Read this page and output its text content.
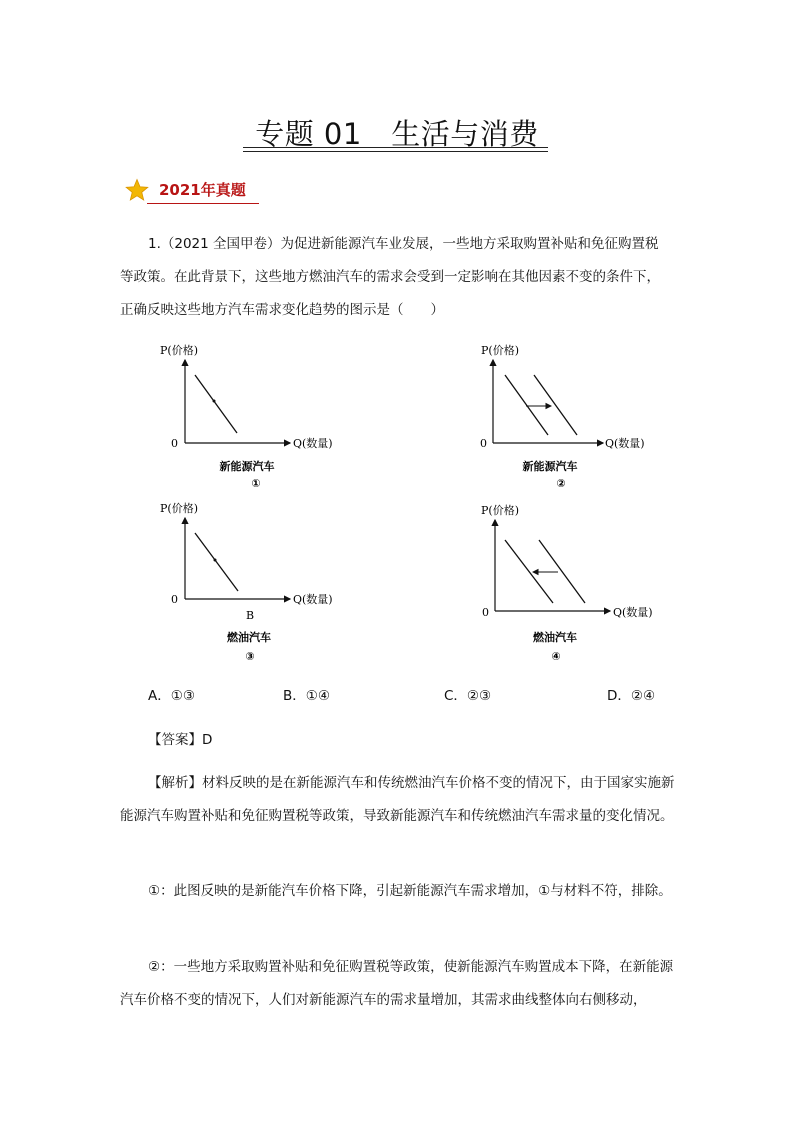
专题 01　生活与消费
2021年真题

1.（2021 全国甲卷）为促进新能源汽车业发展，一些地方采取购置补贴和免征购置税

等政策。在此背景下，这些地方燃油汽车的需求会受到一定影响在其他因素不变的条件下，

正确反映这些地方汽车需求变化趋势的图示是（　　）

P(价格)
0	Q(数量)
新能源汽车
①
P(价格)
0	Q(数量)
新能源汽车
②
P(价格)
0	Q(数量)
B
燃油汽车
③
P(价格)
0	Q(数量)
燃油汽车
④
A．①③	B．①④	C．②③	D．②④

【答案】D

【解析】材料反映的是在新能源汽车和传统燃油汽车价格不变的情况下，由于国家实施新能源汽车购置补贴和免征购置税等政策，导致新能源汽车和传统燃油汽车需求量的变化情况。

①：此图反映的是新能汽车价格下降，引起新能源汽车需求增加，①与材料不符，排除。

②：一些地方采取购置补贴和免征购置税等政策，使新能源汽车购置成本下降，在新能源汽车价格不变的情况下，人们对新能源汽车的需求量增加，其需求曲线整体向右侧移动，
